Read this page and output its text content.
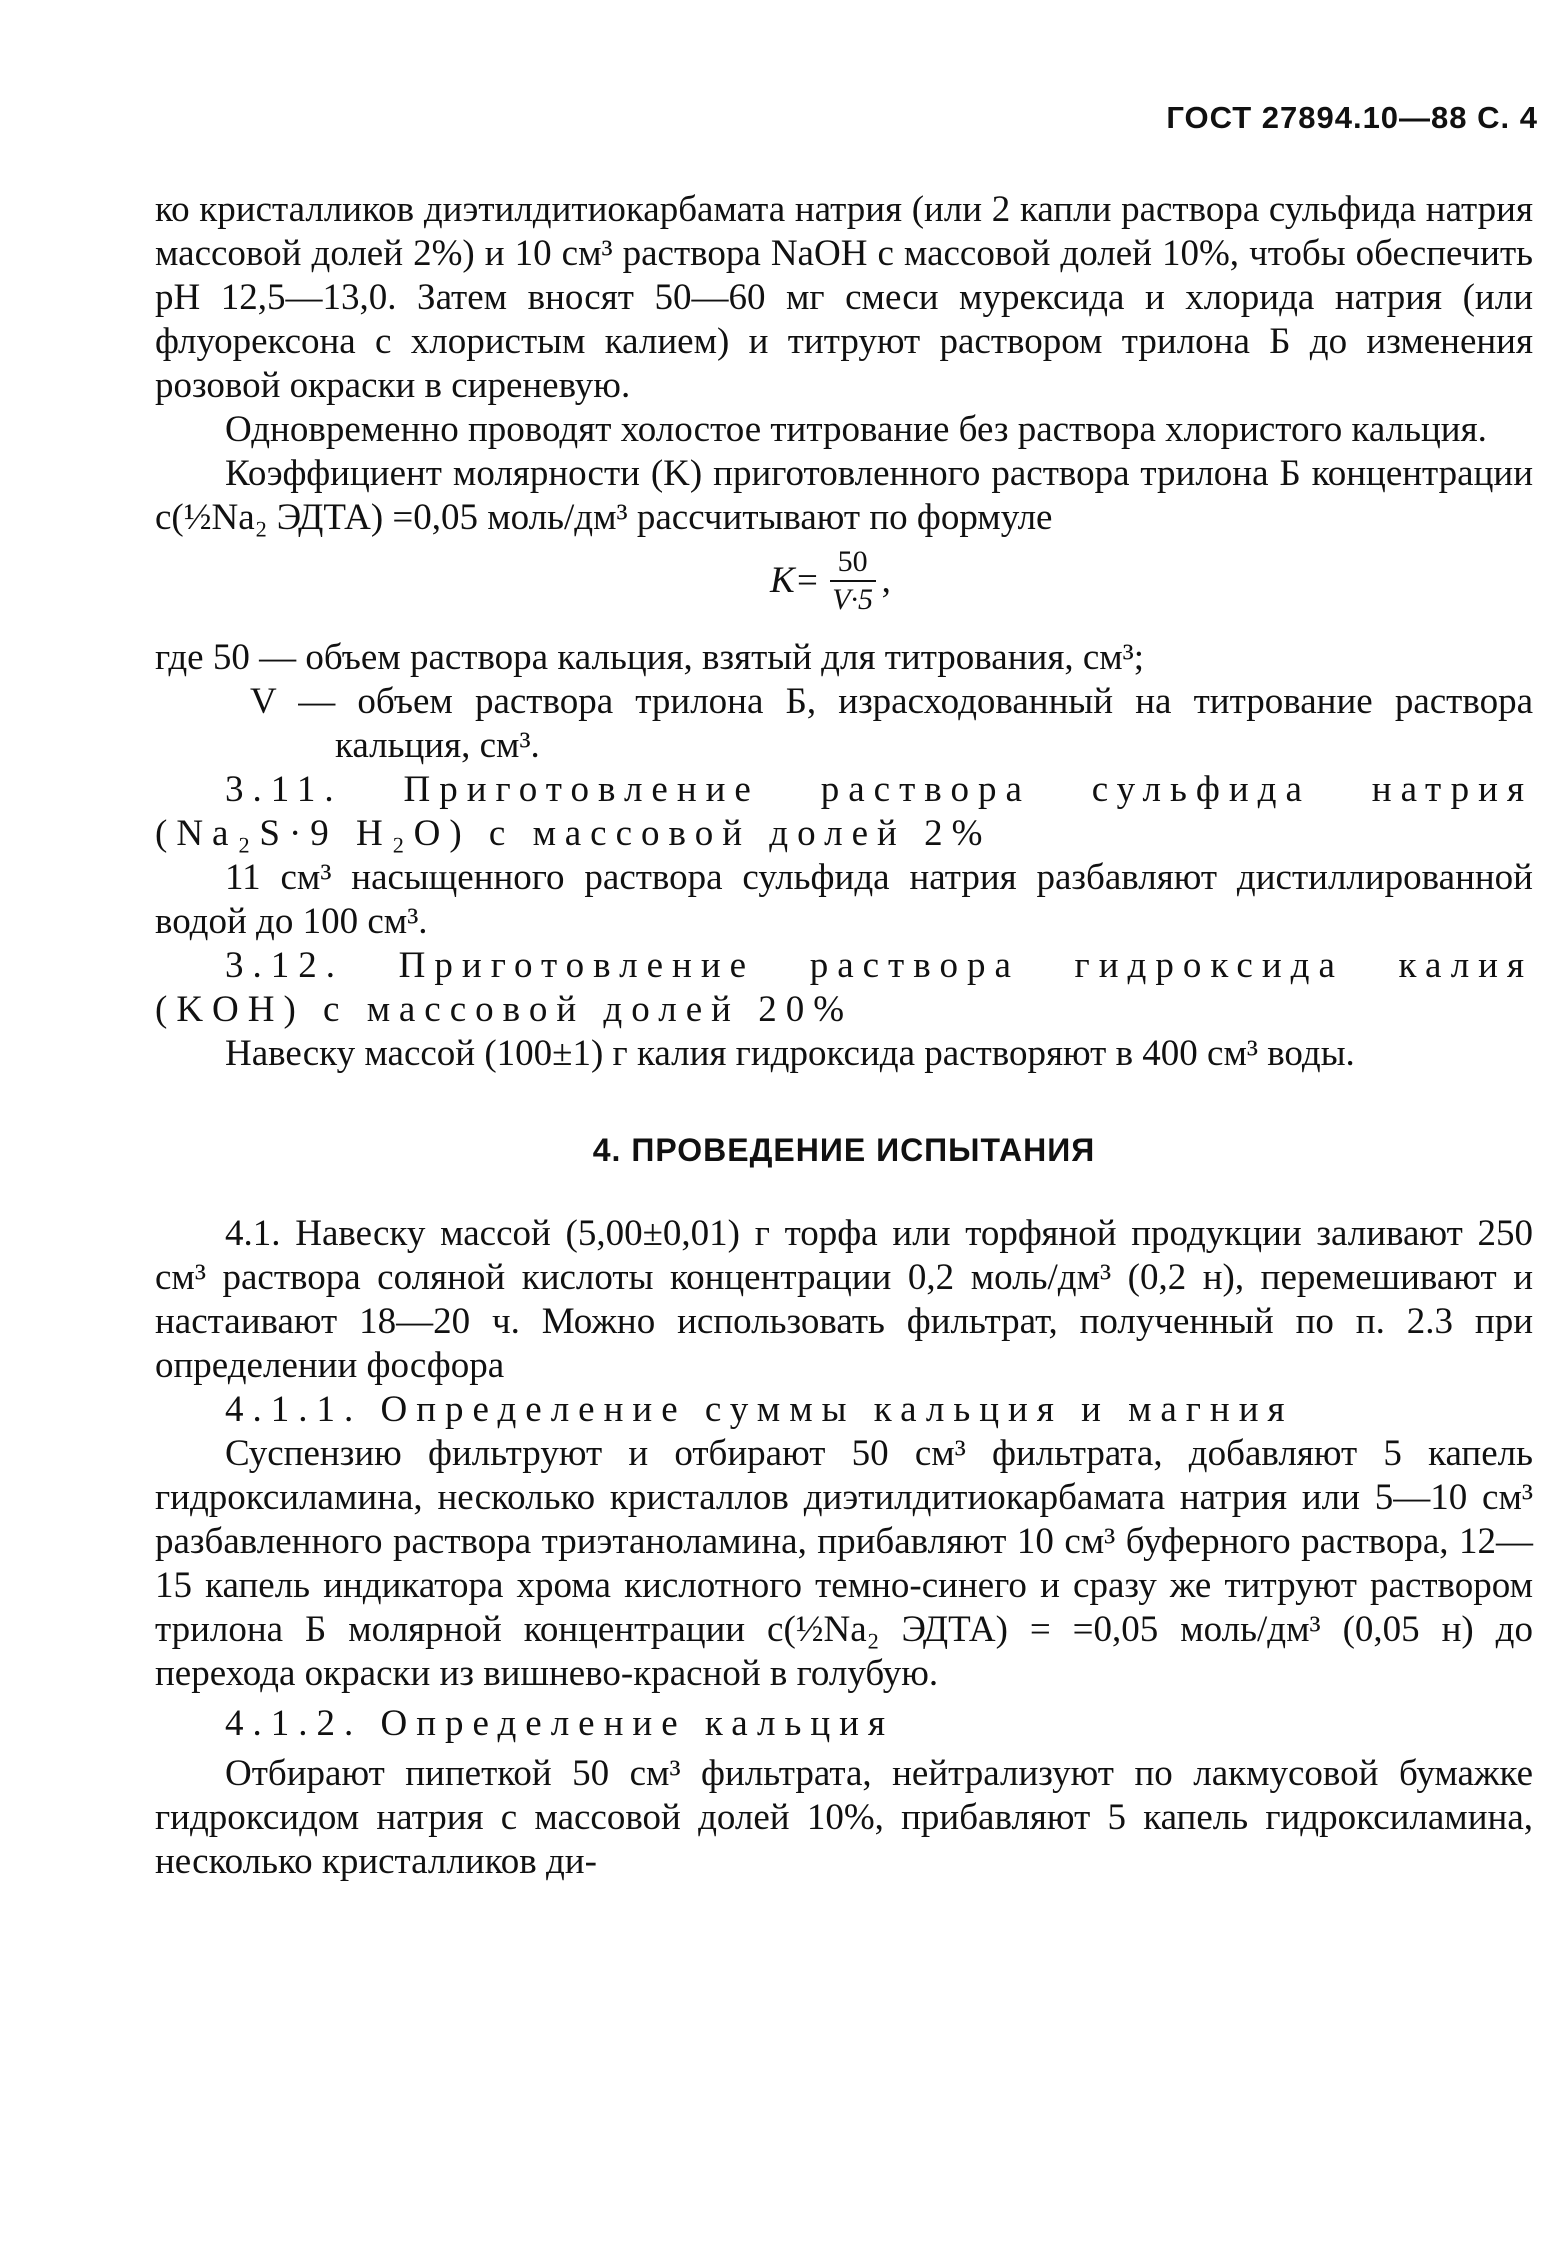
ГОСТ 27894.10—88 С. 4

ко кристалликов диэтилдитиокарбамата натрия (или 2 капли раствора сульфида натрия массовой долей 2%) и 10 см³ раствора NaOH с массовой долей 10%, чтобы обеспечить pH 12,5—13,0. Затем вносят 50—60 мг смеси мурексида и хлорида натрия (или флуорексона с хлористым калием) и титруют раствором трилона Б до изменения розовой окраски в сиреневую.

Одновременно проводят холостое титрование без раствора хлористого кальция.

Коэффициент молярности (K) приготовленного раствора трилона Б концентрации c(½Na₂ ЭДТА) =0,05 моль/дм³ рассчитывают по формуле

$K= \frac{50}{V\cdot 5}$ ,

где 50 — объем раствора кальция, взятый для титрования, см³;

V — объем раствора трилона Б, израсходованный на титрование раствора кальция, см³.

3.11. Приготовление раствора сульфида натрия (Na₂S·9 H₂O) с массовой долей 2%

11 см³ насыщенного раствора сульфида натрия разбавляют дистиллированной водой до 100 см³.

3.12. Приготовление раствора гидроксида калия (KOH) с массовой долей 20%

Навеску массой (100±1) г калия гидроксида растворяют в 400 см³ воды.

4. ПРОВЕДЕНИЕ ИСПЫТАНИЯ

4.1. Навеску массой (5,00±0,01) г торфа или торфяной продукции заливают 250 см³ раствора соляной кислоты концентрации 0,2 моль/дм³ (0,2 н), перемешивают и настаивают 18—20 ч. Можно использовать фильтрат, полученный по п. 2.3 при определении фосфора

4.1.1. Определение суммы кальция и магния

Суспензию фильтруют и отбирают 50 см³ фильтрата, добавляют 5 капель гидроксиламина, несколько кристаллов диэтилдитиокарбамата натрия или 5—10 см³ разбавленного раствора триэтаноламина, прибавляют 10 см³ буферного раствора, 12—15 капель индикатора хрома кислотного темно-синего и сразу же титруют раствором трилона Б молярной концентрации c(½Na₂ ЭДТА) = =0,05 моль/дм³ (0,05 н) до перехода окраски из вишнево-красной в голубую.

4.1.2. Определение кальция

Отбирают пипеткой 50 см³ фильтрата, нейтрализуют по лакмусовой бумажке гидроксидом натрия с массовой долей 10%, прибавляют 5 капель гидроксиламина, несколько кристалликов ди-
